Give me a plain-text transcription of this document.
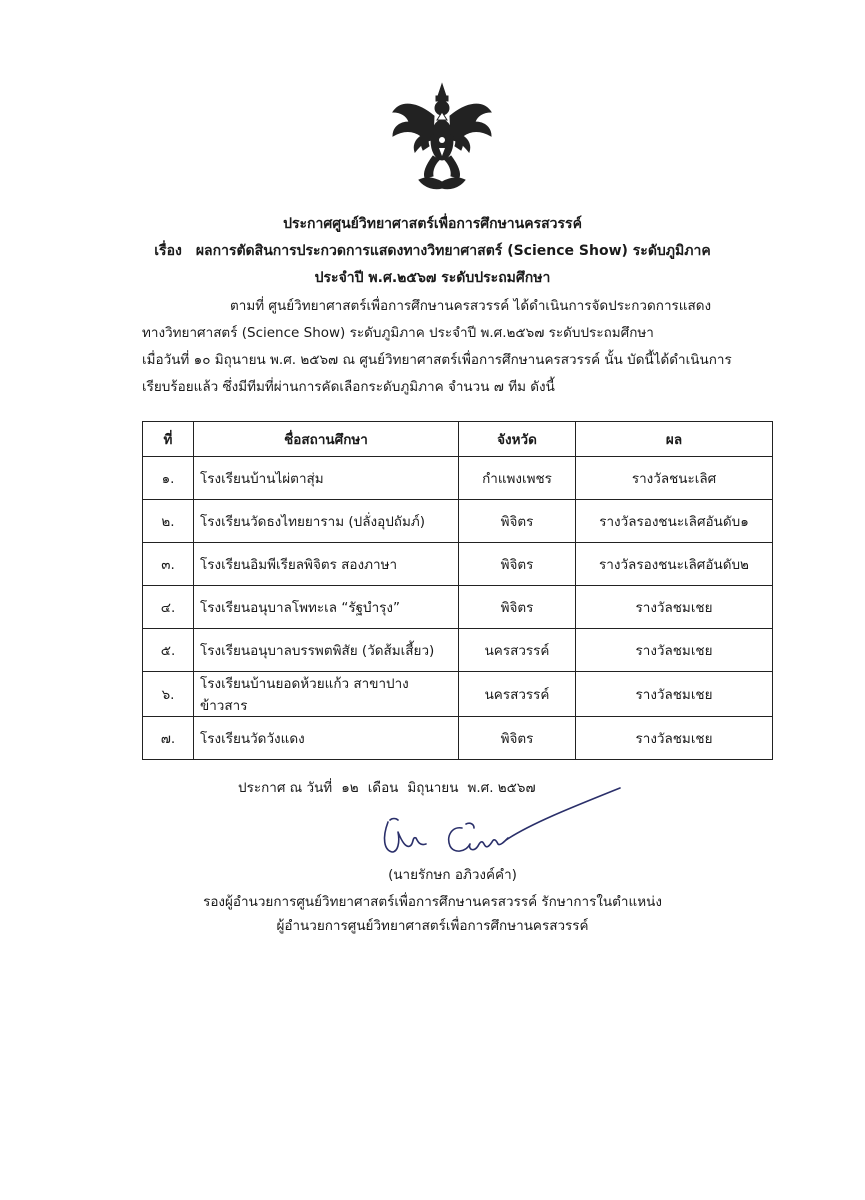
ประกาศศูนย์วิทยาศาสตร์เพื่อการศึกษานครสวรรค์
เรื่อง ผลการตัดสินการประกวดการแสดงทางวิทยาศาสตร์ (Science Show) ระดับภูมิภาค
ประจำปี พ.ศ.๒๕๖๗ ระดับประถมศึกษา
ตามที่ ศูนย์วิทยาศาสตร์เพื่อการศึกษานครสวรรค์ ได้ดำเนินการจัดประกวดการแสดง
ทางวิทยาศาสตร์ (Science Show) ระดับภูมิภาค ประจำปี พ.ศ.๒๕๖๗ ระดับประถมศึกษา
เมื่อวันที่ ๑๐ มิถุนายน พ.ศ. ๒๕๖๗ ณ ศูนย์วิทยาศาสตร์เพื่อการศึกษานครสวรรค์ นั้น บัดนี้ได้ดำเนินการ
เรียบร้อยแล้ว ซึ่งมีทีมที่ผ่านการคัดเลือกระดับภูมิภาค จำนวน ๗ ทีม ดังนี้
ที่	ชื่อสถานศึกษา	จังหวัด	ผล
๑.	โรงเรียนบ้านไผ่ตาสุ่ม	กำแพงเพชร	รางวัลชนะเลิศ
๒.	โรงเรียนวัดธงไทยยาราม (ปลั่งอุปถัมภ์)	พิจิตร	รางวัลรองชนะเลิศอันดับ๑
๓.	โรงเรียนอิมพีเรียลพิจิตร สองภาษา	พิจิตร	รางวัลรองชนะเลิศอันดับ๒
๔.	โรงเรียนอนุบาลโพทะเล “รัฐบำรุง”	พิจิตร	รางวัลชมเชย
๕.	โรงเรียนอนุบาลบรรพตพิสัย (วัดส้มเสี้ยว)	นครสวรรค์	รางวัลชมเชย
๖.	โรงเรียนบ้านยอดห้วยแก้ว สาขาปางข้าวสาร	นครสวรรค์	รางวัลชมเชย
๗.	โรงเรียนวัดวังแดง	พิจิตร	รางวัลชมเชย
ประกาศ ณ วันที่ ๑๒ เดือน มิถุนายน พ.ศ. ๒๕๖๗
(นายรักษก อภิวงค์คำ)
รองผู้อำนวยการศูนย์วิทยาศาสตร์เพื่อการศึกษานครสวรรค์ รักษาการในตำแหน่ง
ผู้อำนวยการศูนย์วิทยาศาสตร์เพื่อการศึกษานครสวรรค์
